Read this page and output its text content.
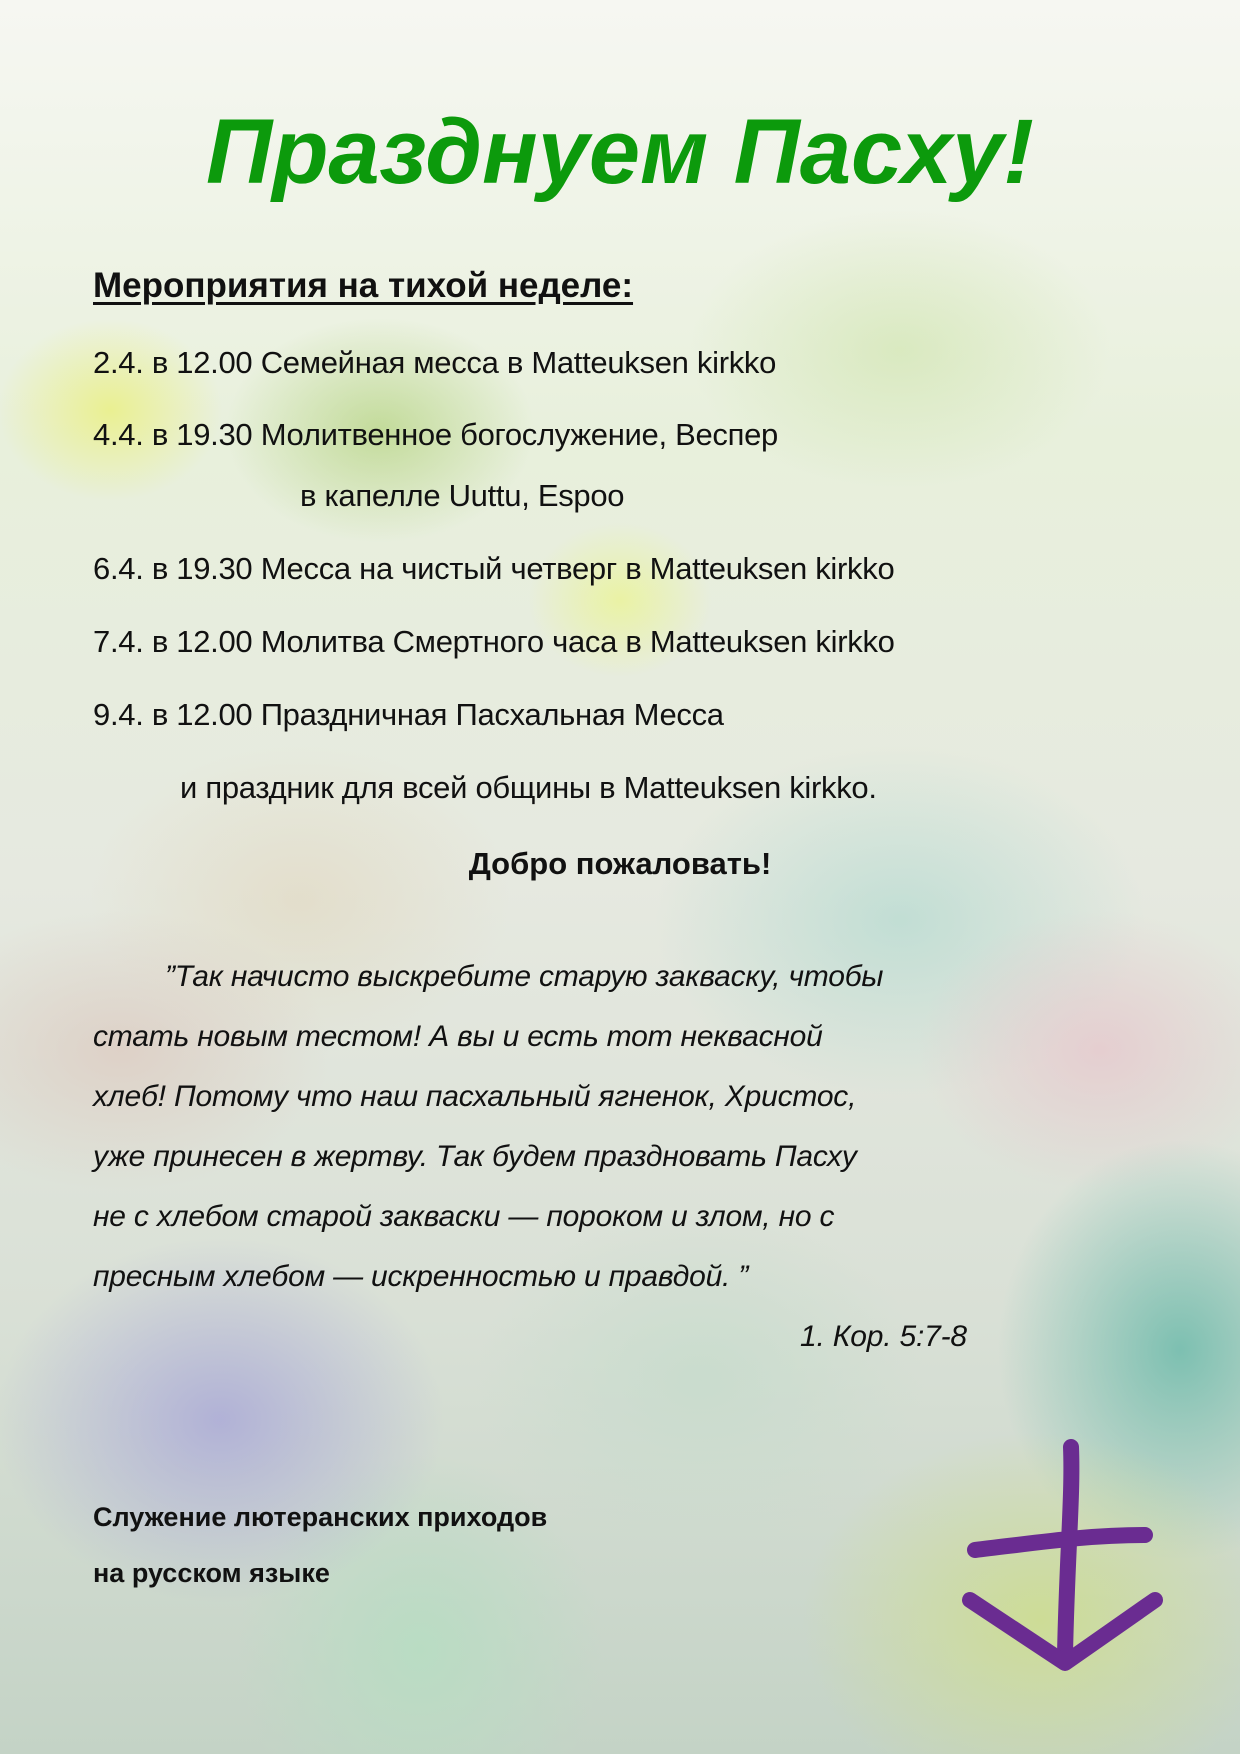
Празднуем Пасху!
Мероприятия на тихой неделе:
2.4. в 12.00 Семейная месса в Matteuksen kirkko
4.4. в 19.30 Молитвенное богослужение, Веспер
в капелле Uuttu, Espoo
6.4. в 19.30 Месса на чистый четверг в Matteuksen kirkko
7.4. в 12.00 Молитва Смертного часа в Matteuksen kirkko
9.4. в 12.00 Праздничная Пасхальная Месса
и праздник для всей общины в Matteuksen kirkko.
Добро пожаловать!
”Так начисто выскребите старую закваску, чтобы
стать новым тестом! А вы и есть тот неквасной
хлеб! Потому что наш пасхальный ягненок, Христос,
уже принесен в жертву. Так будем праздновать Пасху
не с хлебом старой закваски — пороком и злом, но с
пресным хлебом — искренностью и правдой. ”
1. Кор. 5:7-8
Служение лютеранских приходов
на русском языке
